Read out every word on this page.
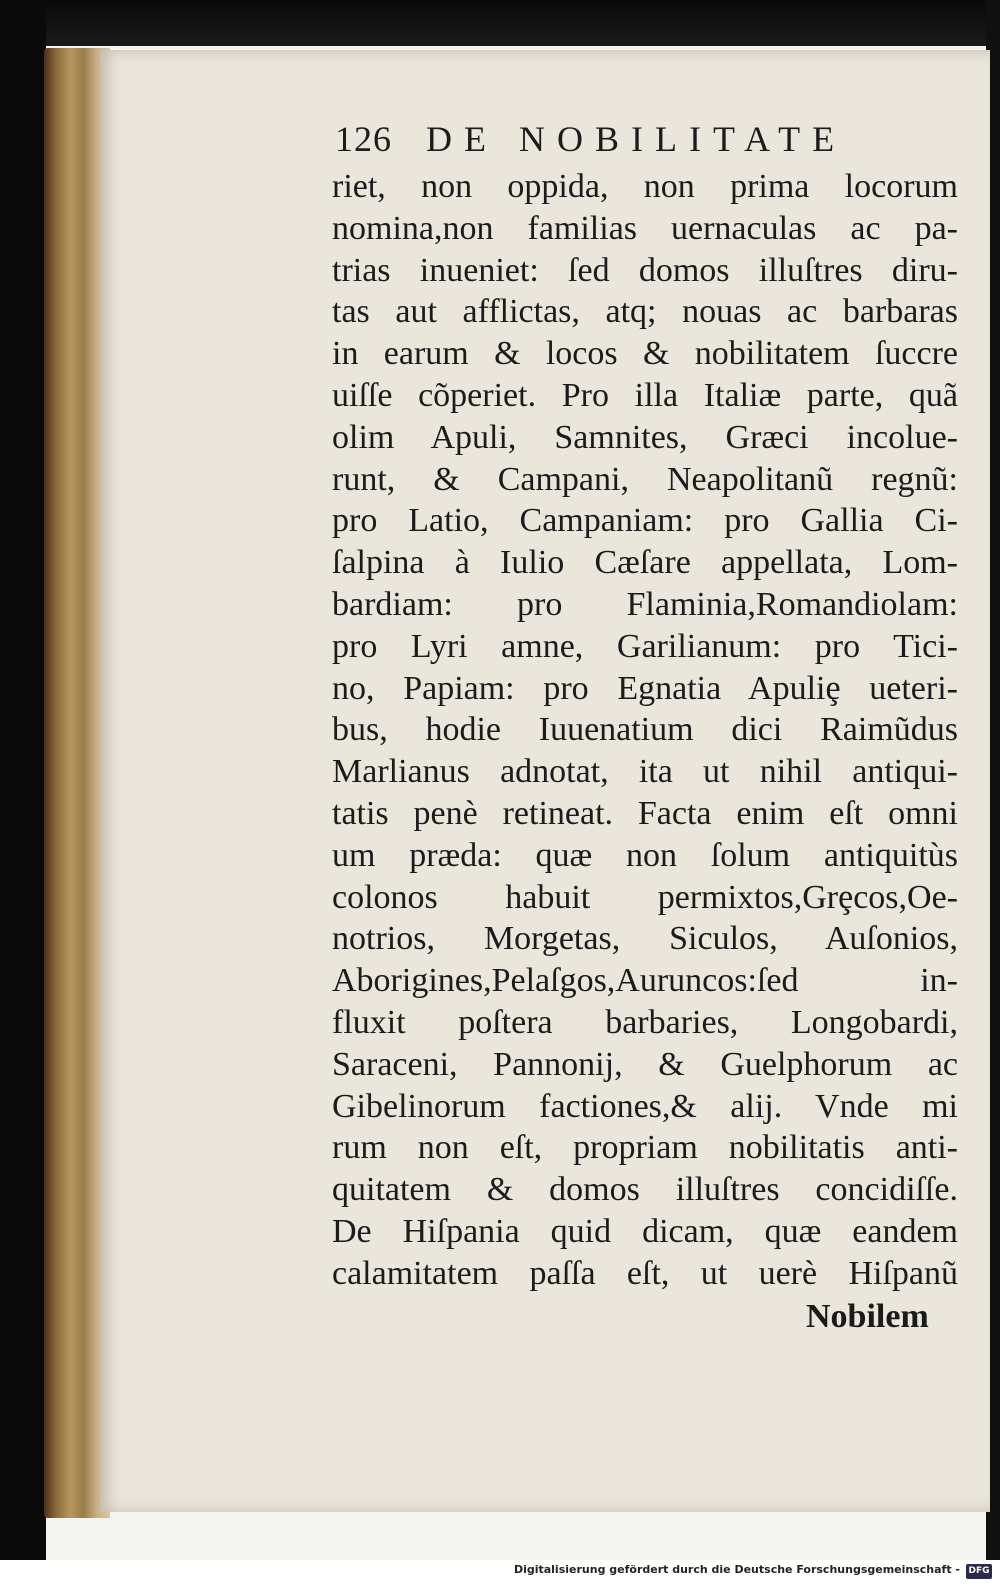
126 DE NOBILITATE
riet, non oppida, non prima locorum
nomina,non familias uernaculas ac pa-
trias inueniet: ſed domos illuſtres diru-
tas aut afflictas, atq; nouas ac barbaras
in earum & locos & nobilitatem ſuccre
uiſſe cõperiet. Pro illa Italiæ parte, quã
olim Apuli, Samnites, Græci incolue-
runt, & Campani, Neapolitanũ regnũ:
pro Latio, Campaniam: pro Gallia Ci-
ſalpina à Iulio Cæſare appellata, Lom-
bardiam: pro Flaminia,Romandiolam:
pro Lyri amne, Garilianum: pro Tici-
no, Papiam: pro Egnatia Apuliȩ ueteri-
bus, hodie Iuuenatium dici Raimũdus
Marlianus adnotat, ita ut nihil antiqui-
tatis penè retineat. Facta enim eſt omni
um præda: quæ non ſolum antiquitùs
colonos habuit permixtos,Grȩcos,Oe-
notrios, Morgetas, Siculos, Auſonios,
Aborigines,Pelaſgos,Auruncos:ſed in-
fluxit poſtera barbaries, Longobardi,
Saraceni, Pannonij, & Guelphorum ac
Gibelinorum factiones,& alij. Vnde mi
rum non eſt, propriam nobilitatis anti-
quitatem & domos illuſtres concidiſſe.
De Hiſpania quid dicam, quæ eandem
calamitatem paſſa eſt, ut uerè Hiſpanũ
Nobilem
Digitalisierung gefördert durch die Deutsche Forschungsgemeinschaft - DFG
